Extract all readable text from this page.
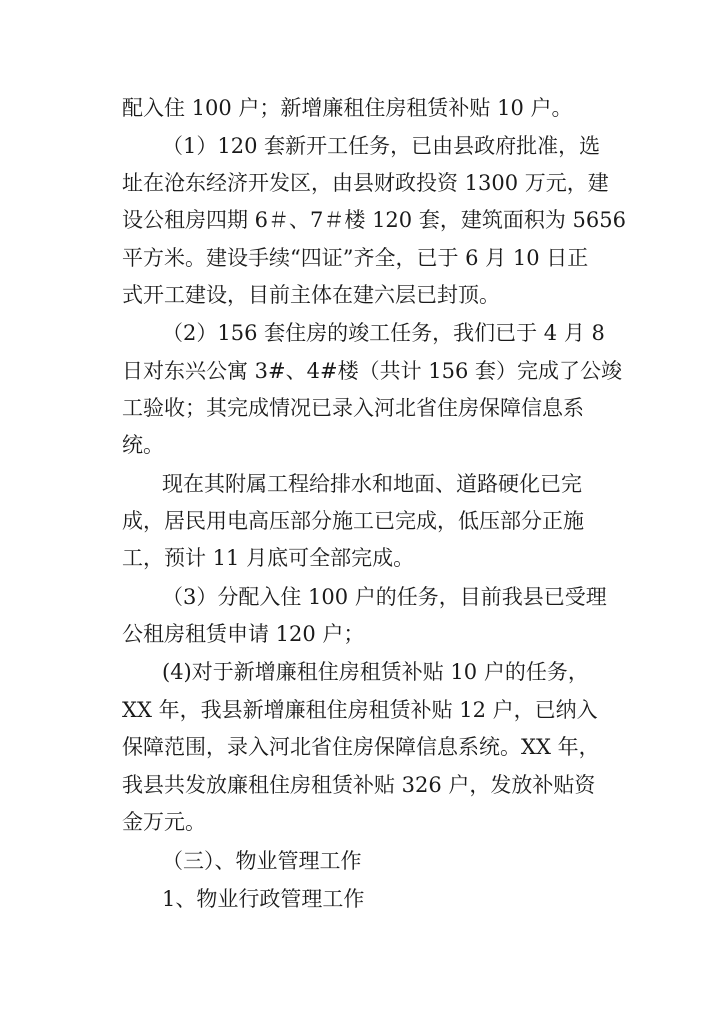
配入住 100 户；新增廉租住房租赁补贴 10 户。
（1）120 套新开工任务，已由县政府批准，选
址在沧东经济开发区，由县财政投资 1300 万元，建
设公租房四期 6＃、7＃楼 120 套，建筑面积为 5656
平方米。建设手续“四证”齐全，已于 6 月 10 日正
式开工建设，目前主体在建六层已封顶。
（2）156 套住房的竣工任务，我们已于 4 月 8
日对东兴公寓 3#、4#楼（共计 156 套）完成了公竣
工验收；其完成情况已录入河北省住房保障信息系
统。
现在其附属工程给排水和地面、道路硬化已完
成，居民用电高压部分施工已完成，低压部分正施
工，预计 11 月底可全部完成。
（3）分配入住 100 户的任务，目前我县已受理
公租房租赁申请 120 户；
(4)对于新增廉租住房租赁补贴 10 户的任务，
XX 年，我县新增廉租住房租赁补贴 12 户，已纳入
保障范围，录入河北省住房保障信息系统。XX 年，
我县共发放廉租住房租赁补贴 326 户，发放补贴资
金万元。
（三）、物业管理工作
1、物业行政管理工作
